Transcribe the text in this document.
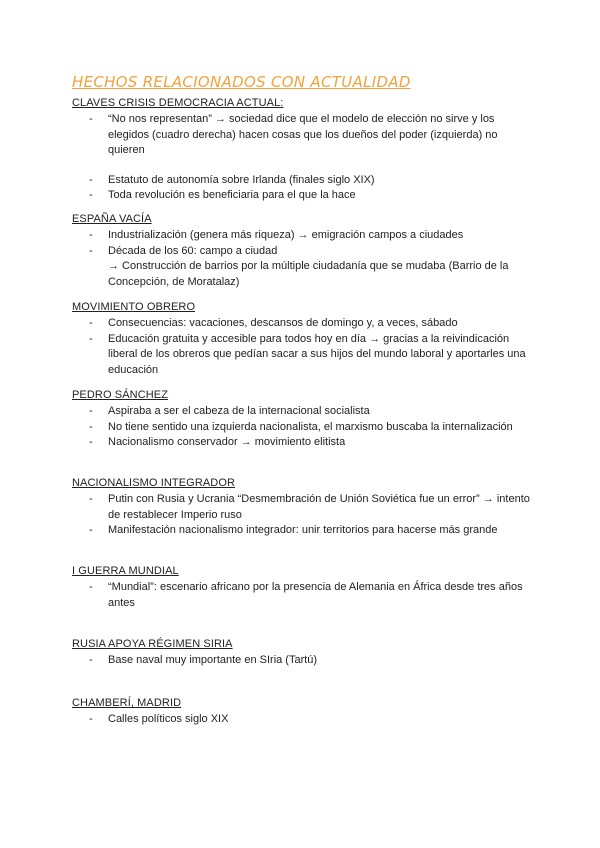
HECHOS RELACIONADOS CON ACTUALIDAD
CLAVES CRISIS DEMOCRACIA ACTUAL:
- “No nos representan” → sociedad dice que el modelo de elección no sirve y los elegidos (cuadro derecha) hacen cosas que los dueños del poder (izquierda) no quieren
- Estatuto de autonomía sobre Irlanda (finales siglo XIX)
- Toda revolución es beneficiaria para el que la hace
ESPAÑA VACÍA
- Industrialización (genera más riqueza) → emigración campos a ciudades
- Década de los 60: campo a ciudad
→ Construcción de barrios por la múltiple ciudadanía que se mudaba (Barrio de la Concepción, de Moratalaz)
MOVIMIENTO OBRERO
- Consecuencias: vacaciones, descansos de domingo y, a veces, sábado
- Educación gratuita y accesible para todos hoy en día → gracias a la reivindicación liberal de los obreros que pedían sacar a sus hijos del mundo laboral y aportarles una educación
PEDRO SÁNCHEZ
- Aspiraba a ser el cabeza de la internacional socialista
- No tiene sentido una izquierda nacionalista, el marxismo buscaba la internalización
- Nacionalismo conservador → movimiento elitista
NACIONALISMO INTEGRADOR
- Putin con Rusia y Ucrania “Desmembración de Unión Soviética fue un error” → intento de restablecer Imperio ruso
- Manifestación nacionalismo integrador: unir territorios para hacerse más grande
I GUERRA MUNDIAL
- “Mundial”: escenario africano por la presencia de Alemania en África desde tres años antes
RUSIA APOYA RÉGIMEN SIRIA
- Base naval muy importante en SIria (Tartú)
CHAMBERÍ, MADRID
- Calles políticos siglo XIX
